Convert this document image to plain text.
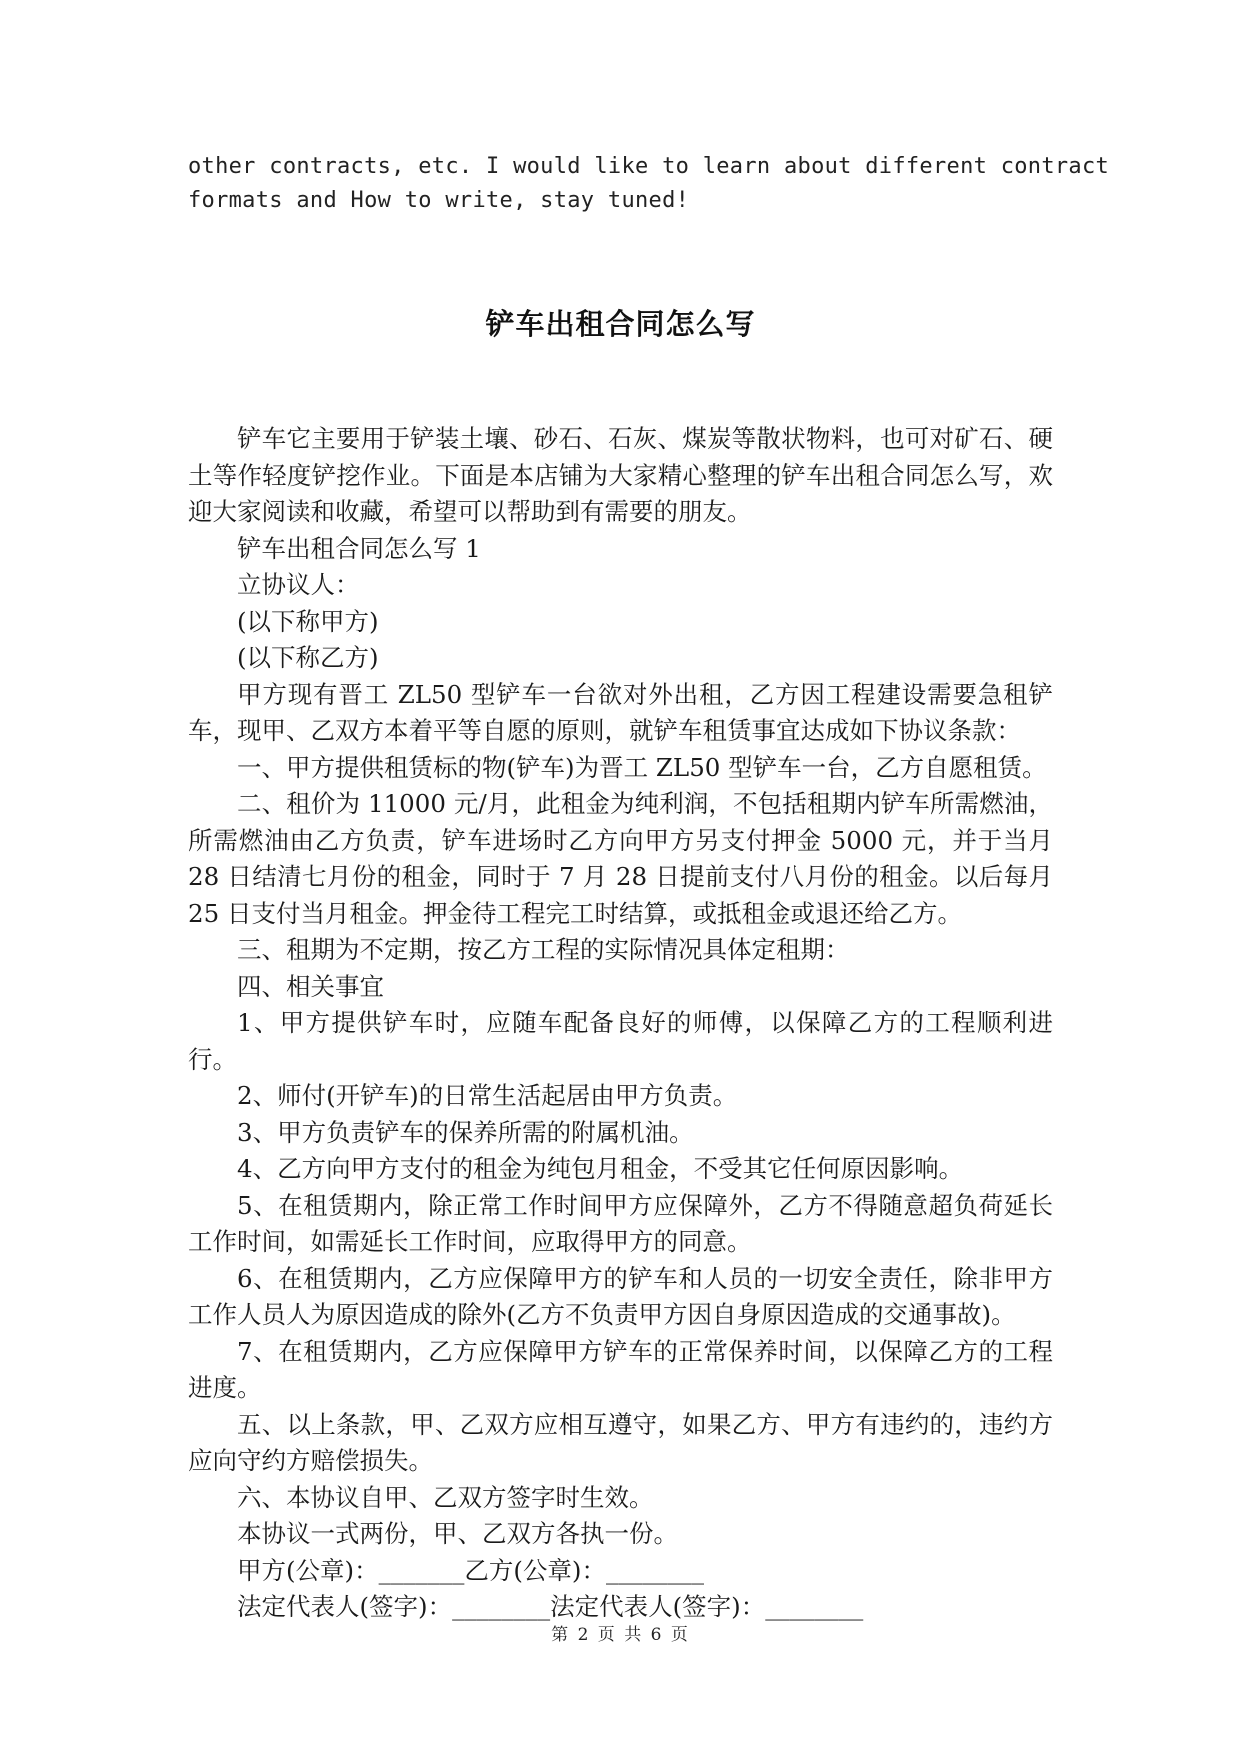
other contracts, etc. I would like to learn about different contract
formats and How to write, stay tuned!
铲车出租合同怎么写

铲车它主要用于铲装土壤、砂石、石灰、煤炭等散状物料，也可对矿石、硬土等作轻度铲挖作业。下面是本店铺为大家精心整理的铲车出租合同怎么写，欢迎大家阅读和收藏，希望可以帮助到有需要的朋友。

铲车出租合同怎么写 1

立协议人：

(以下称甲方)

(以下称乙方)

甲方现有晋工 ZL50 型铲车一台欲对外出租，乙方因工程建设需要急租铲车，现甲、乙双方本着平等自愿的原则，就铲车租赁事宜达成如下协议条款：

一、甲方提供租赁标的物(铲车)为晋工 ZL50 型铲车一台，乙方自愿租赁。

二、租价为 11000 元/月，此租金为纯利润，不包括租期内铲车所需燃油，所需燃油由乙方负责，铲车进场时乙方向甲方另支付押金 5000 元，并于当月 28 日结清七月份的租金，同时于 7 月 28 日提前支付八月份的租金。以后每月 25 日支付当月租金。押金待工程完工时结算，或抵租金或退还给乙方。

三、租期为不定期，按乙方工程的实际情况具体定租期：

四、相关事宜

1、甲方提供铲车时，应随车配备良好的师傅，以保障乙方的工程顺利进行。

2、师付(开铲车)的日常生活起居由甲方负责。

3、甲方负责铲车的保养所需的附属机油。

4、乙方向甲方支付的租金为纯包月租金，不受其它任何原因影响。

5、在租赁期内，除正常工作时间甲方应保障外，乙方不得随意超负荷延长工作时间，如需延长工作时间，应取得甲方的同意。

6、在租赁期内，乙方应保障甲方的铲车和人员的一切安全责任，除非甲方工作人员人为原因造成的除外(乙方不负责甲方因自身原因造成的交通事故)。

7、在租赁期内，乙方应保障甲方铲车的正常保养时间，以保障乙方的工程进度。

五、以上条款，甲、乙双方应相互遵守，如果乙方、甲方有违约的，违约方应向守约方赔偿损失。

六、本协议自甲、乙双方签字时生效。

本协议一式两份，甲、乙双方各执一份。

甲方(公章)：_______乙方(公章)：________

法定代表人(签字)：________法定代表人(签字)：________

第 2 页 共 6 页
